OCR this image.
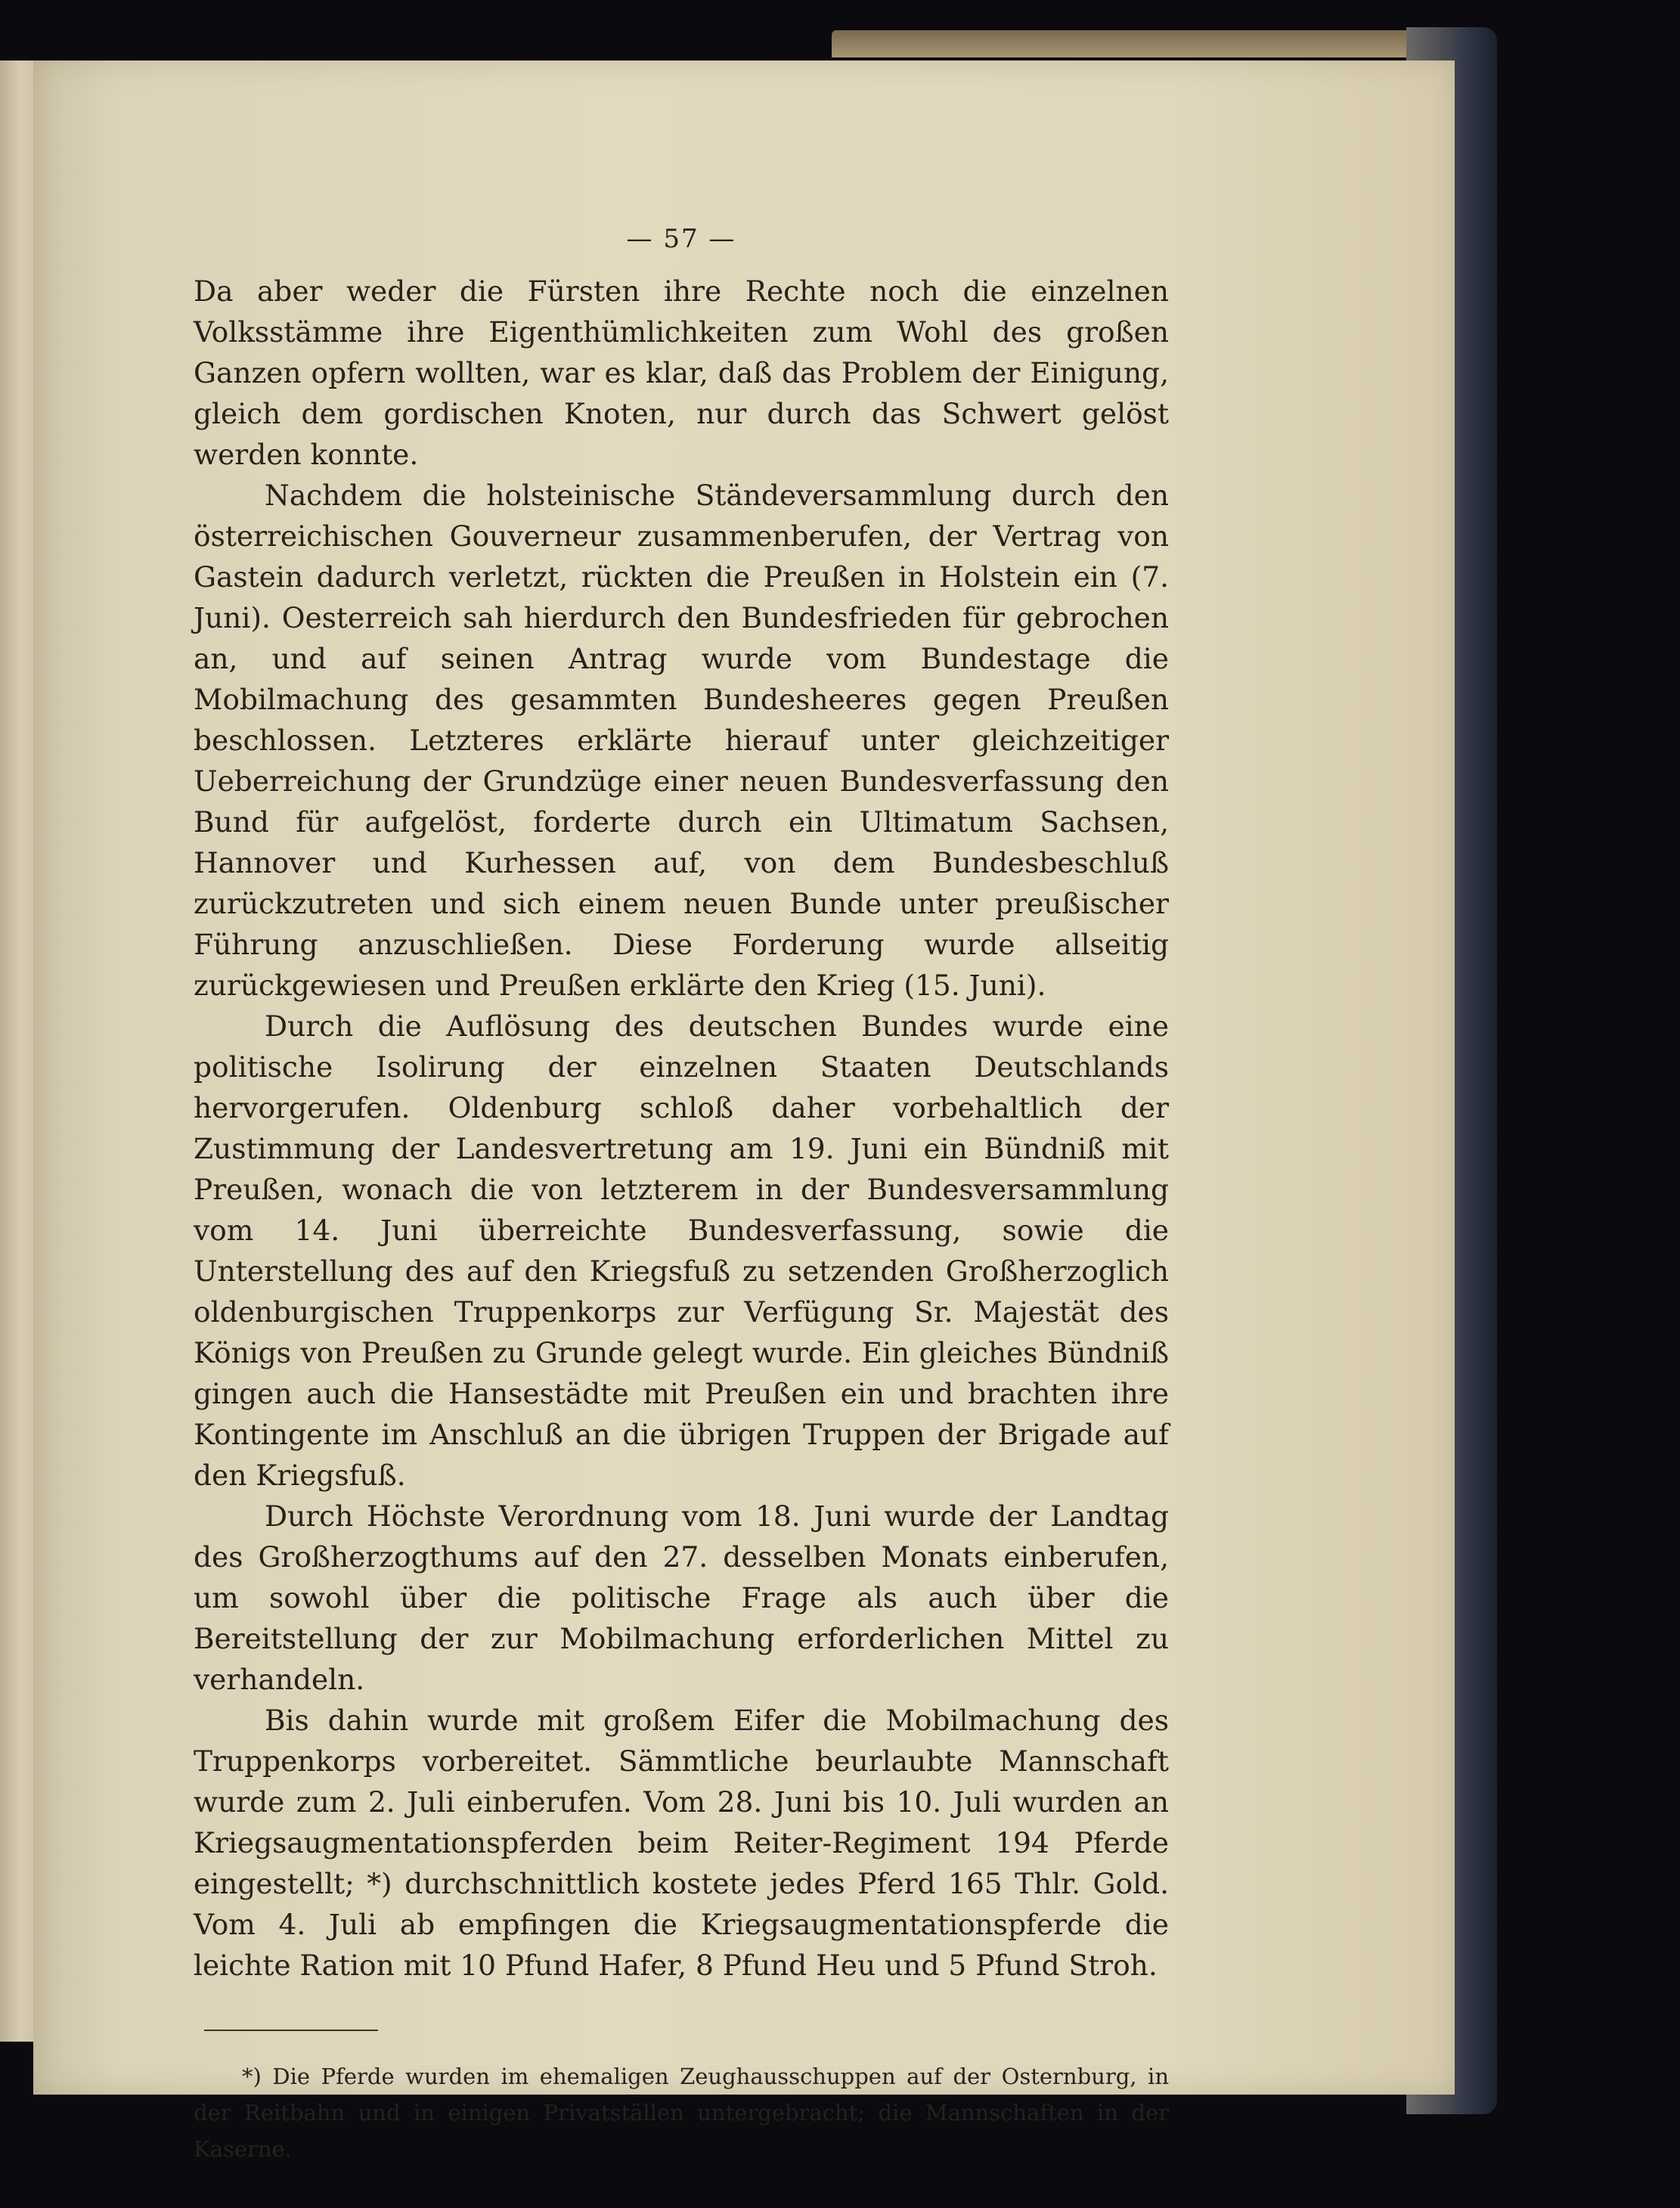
— 57 —

Da aber weder die Fürsten ihre Rechte noch die einzelnen Volksstämme ihre Eigenthümlichkeiten zum Wohl des großen Ganzen opfern wollten, war es klar, daß das Problem der Einigung, gleich dem gordischen Knoten, nur durch das Schwert gelöst werden konnte.

Nachdem die holsteinische Ständeversammlung durch den österreichischen Gouverneur zusammenberufen, der Vertrag von Gastein dadurch verletzt, rückten die Preußen in Holstein ein (7. Juni). Oesterreich sah hierdurch den Bundesfrieden für gebrochen an, und auf seinen Antrag wurde vom Bundestage die Mobilmachung des gesammten Bundesheeres gegen Preußen beschlossen. Letzteres erklärte hierauf unter gleichzeitiger Ueberreichung der Grundzüge einer neuen Bundesverfassung den Bund für aufgelöst, forderte durch ein Ultimatum Sachsen, Hannover und Kurhessen auf, von dem Bundesbeschluß zurückzutreten und sich einem neuen Bunde unter preußischer Führung anzuschließen. Diese Forderung wurde allseitig zurückgewiesen und Preußen erklärte den Krieg (15. Juni).

Durch die Auflösung des deutschen Bundes wurde eine politische Isolirung der einzelnen Staaten Deutschlands hervorgerufen. Oldenburg schloß daher vorbehaltlich der Zustimmung der Landesvertretung am 19. Juni ein Bündniß mit Preußen, wonach die von letzterem in der Bundesversammlung vom 14. Juni überreichte Bundesverfassung, sowie die Unterstellung des auf den Kriegsfuß zu setzenden Großherzoglich oldenburgischen Truppenkorps zur Verfügung Sr. Majestät des Königs von Preußen zu Grunde gelegt wurde. Ein gleiches Bündniß gingen auch die Hansestädte mit Preußen ein und brachten ihre Kontingente im Anschluß an die übrigen Truppen der Brigade auf den Kriegsfuß.

Durch Höchste Verordnung vom 18. Juni wurde der Landtag des Großherzogthums auf den 27. desselben Monats einberufen, um sowohl über die politische Frage als auch über die Bereitstellung der zur Mobilmachung erforderlichen Mittel zu verhandeln.

Bis dahin wurde mit großem Eifer die Mobilmachung des Truppenkorps vorbereitet. Sämmtliche beurlaubte Mannschaft wurde zum 2. Juli einberufen. Vom 28. Juni bis 10. Juli wurden an Kriegsaugmentationspferden beim Reiter-Regiment 194 Pferde eingestellt; *) durchschnittlich kostete jedes Pferd 165 Thlr. Gold. Vom 4. Juli ab empfingen die Kriegsaugmentationspferde die leichte Ration mit 10 Pfund Hafer, 8 Pfund Heu und 5 Pfund Stroh.

*) Die Pferde wurden im ehemaligen Zeughausschuppen auf der Osternburg, in der Reitbahn und in einigen Privatställen untergebracht; die Mannschaften in der Kaserne.
